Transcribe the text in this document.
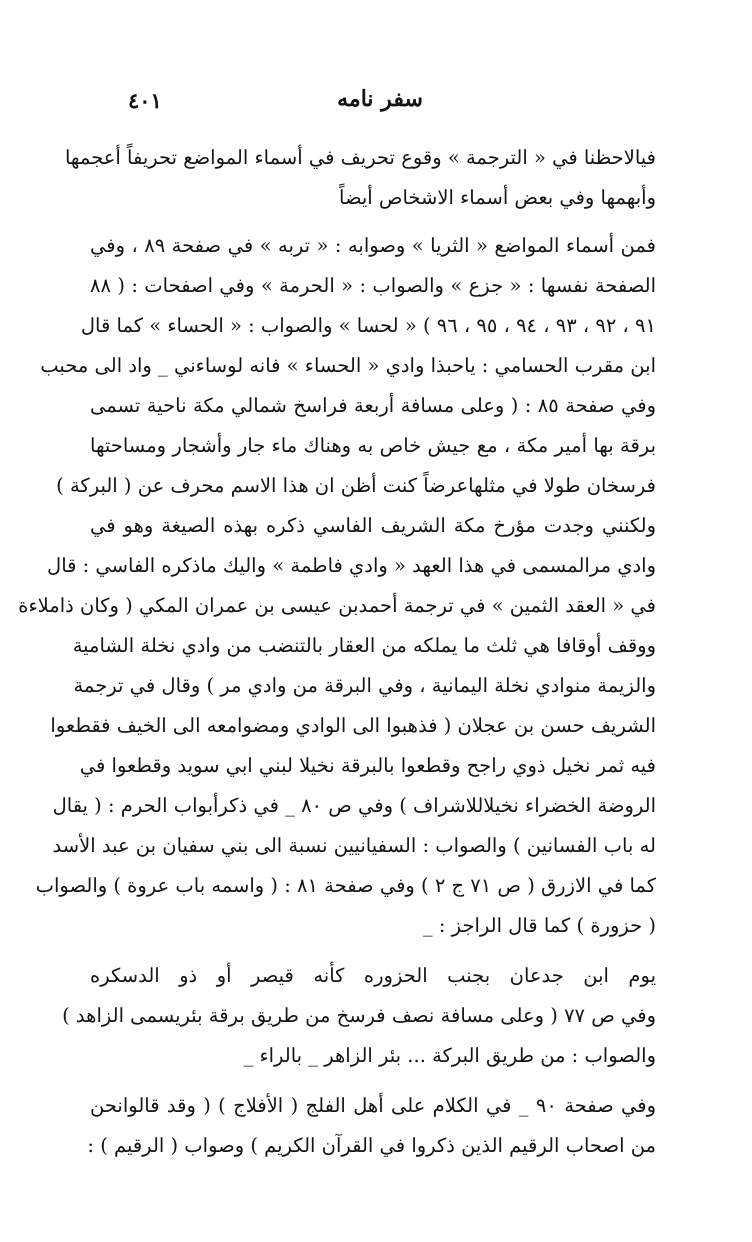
سفر نامه
٤٠١
فيالاحظنا في « الترجمة » وقوع تحريف في أسماء المواضع تحريفاً أعجمها
وأبهمها وفي بعض أسماء الاشخاص أيضاً
فمن أسماء المواضع « الثريا » وصوابه : « تربه » في صفحة ٨٩ ، وفي
الصفحة نفسها : « جزع » والصواب : « الحرمة » وفي اصفحات : ( ٨٨
٩١ ، ٩٢ ، ٩٣ ، ٩٤ ، ٩٥ ، ٩٦ ) « لحسا » والصواب : « الحساء » كما قال
ابن مقرب الحسامي : ياحبذا وادي « الحساء » فانه لوساءني _ واد الى محبب
وفي صفحة ٨٥ : ( وعلى مسافة أربعة فراسخ شمالي مكة ناحية تسمى
برقة بها أمير مكة ، مع جيش خاص به وهناك ماء جار وأشجار ومساحتها
فرسخان طولا في مثلهاعرضاً كنت أظن ان هذا الاسم محرف عن ( البركة )
ولكنني وجدت مؤرخ مكة الشريف الفاسي ذكره بهذه الصيغة وهو في
وادي مرالمسمى في هذا العهد « وادي فاطمة » واليك ماذكره الفاسي : قال
في « العقد الثمين » في ترجمة أحمدبن عيسى بن عمران المكي ( وكان ذاملاءة
ووقف أوقافا هي ثلث ما يملكه من العقار بالتنضب من وادي نخلة الشامية
والزيمة منوادي نخلة اليمانية ، وفي البرقة من وادي مر ) وقال في ترجمة
الشريف حسن بن عجلان ( فذهبوا الى الوادي ومضوامعه الى الخيف فقطعوا
فيه ثمر نخيل ذوي راجح وقطعوا بالبرقة نخيلا لبني ابي سويد وقطعوا في
الروضة الخضراء نخيلاللاشراف ) وفي ص ٨٠ _ في ذكرأبواب الحرم : ( يقال
له باب الفسانين ) والصواب : السفيانيين نسبة الى بني سفيان بن عبد الأسد
كما في الازرق ( ص ٧١ ج ٢ ) وفي صفحة ٨١ : ( واسمه باب عروة ) والصواب
( حزورة ) كما قال الراجز : _
يوم ابن جدعان بجنب الحزوره كأنه قيصر أو ذو الدسكره
وفي ص ٧٧ ( وعلى مسافة نصف فرسخ من طريق برقة بئريسمى الزاهد )
والصواب : من طريق البركة ... بئر الزاهر _ بالراء _
وفي صفحة ٩٠ _ في الكلام على أهل الفلج ( الأفلاج ) ( وقد قالوانحن
من اصحاب الرقيم الذين ذكروا في القرآن الكريم ) وصواب ( الرقيم ) :
